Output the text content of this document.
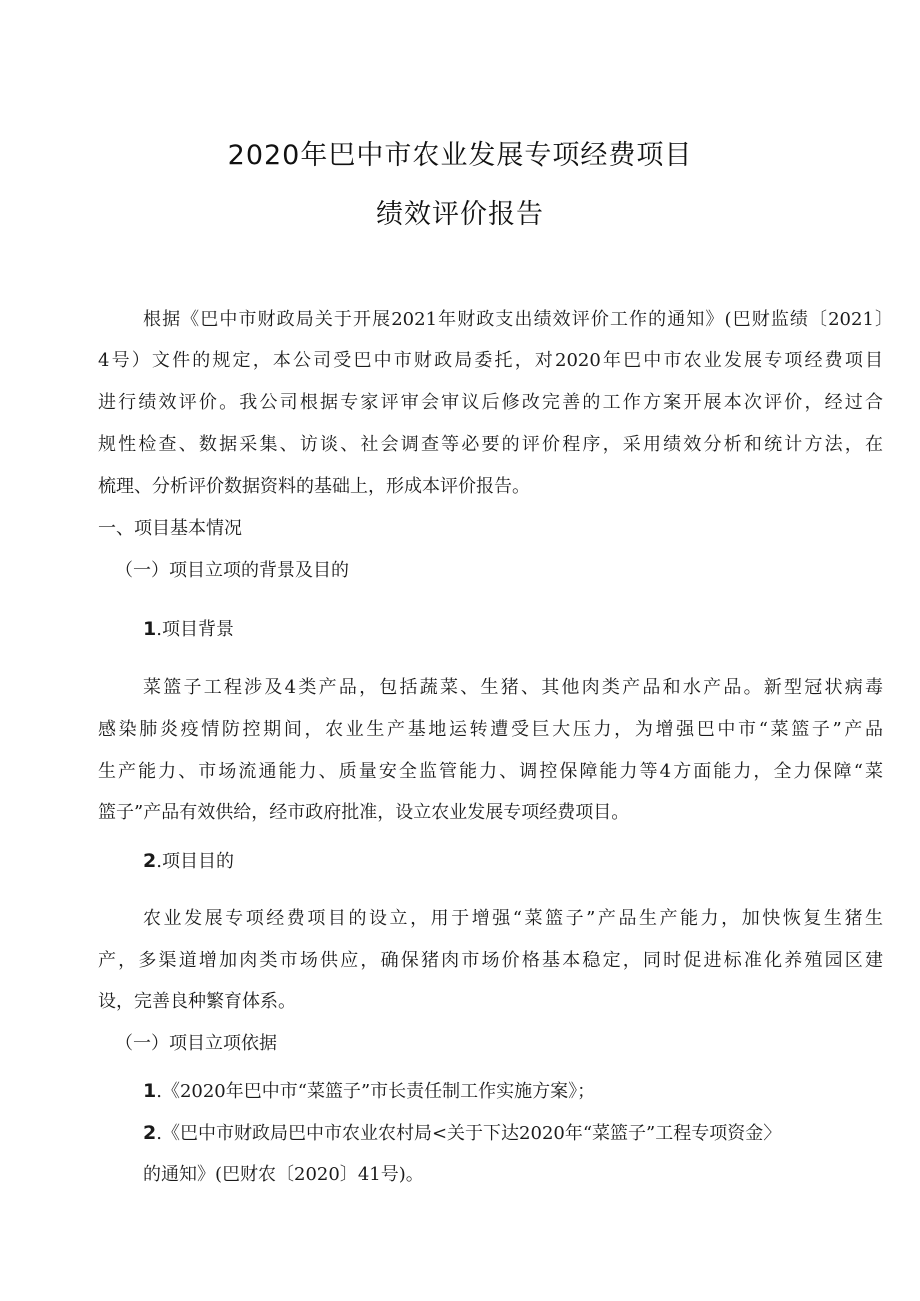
2020年巴中市农业发展专项经费项目
绩效评价报告
根据《巴中市财政局关于开展2021年财政支出绩效评价工作的通知》(巴财监绩〔2021〕
4号）文件的规定，本公司受巴中市财政局委托，对2020年巴中市农业发展专项经费项目
进行绩效评价。我公司根据专家评审会审议后修改完善的工作方案开展本次评价，经过合
规性检查、数据采集、访谈、社会调查等必要的评价程序，采用绩效分析和统计方法，在
梳理、分析评价数据资料的基础上，形成本评价报告。
一、项目基本情况
（一）项目立项的背景及目的
1.项目背景
菜篮子工程涉及4类产品，包括蔬菜、生猪、其他肉类产品和水产品。新型冠状病毒
感染肺炎疫情防控期间，农业生产基地运转遭受巨大压力，为增强巴中市“菜篮子”产品
生产能力、市场流通能力、质量安全监管能力、调控保障能力等4方面能力，全力保障“菜
篮子”产品有效供给，经市政府批准，设立农业发展专项经费项目。
2.项目目的
农业发展专项经费项目的设立，用于增强“菜篮子”产品生产能力，加快恢复生猪生
产，多渠道增加肉类市场供应，确保猪肉市场价格基本稳定，同时促进标准化养殖园区建
设，完善良种繁育体系。
（一）项目立项依据
1.《2020年巴中市“菜篮子”市长责任制工作实施方案》；
2.《巴中市财政局巴中市农业农村局<关于下达2020年“菜篮子”工程专项资金〉
的通知》(巴财农〔2020〕41号)。
